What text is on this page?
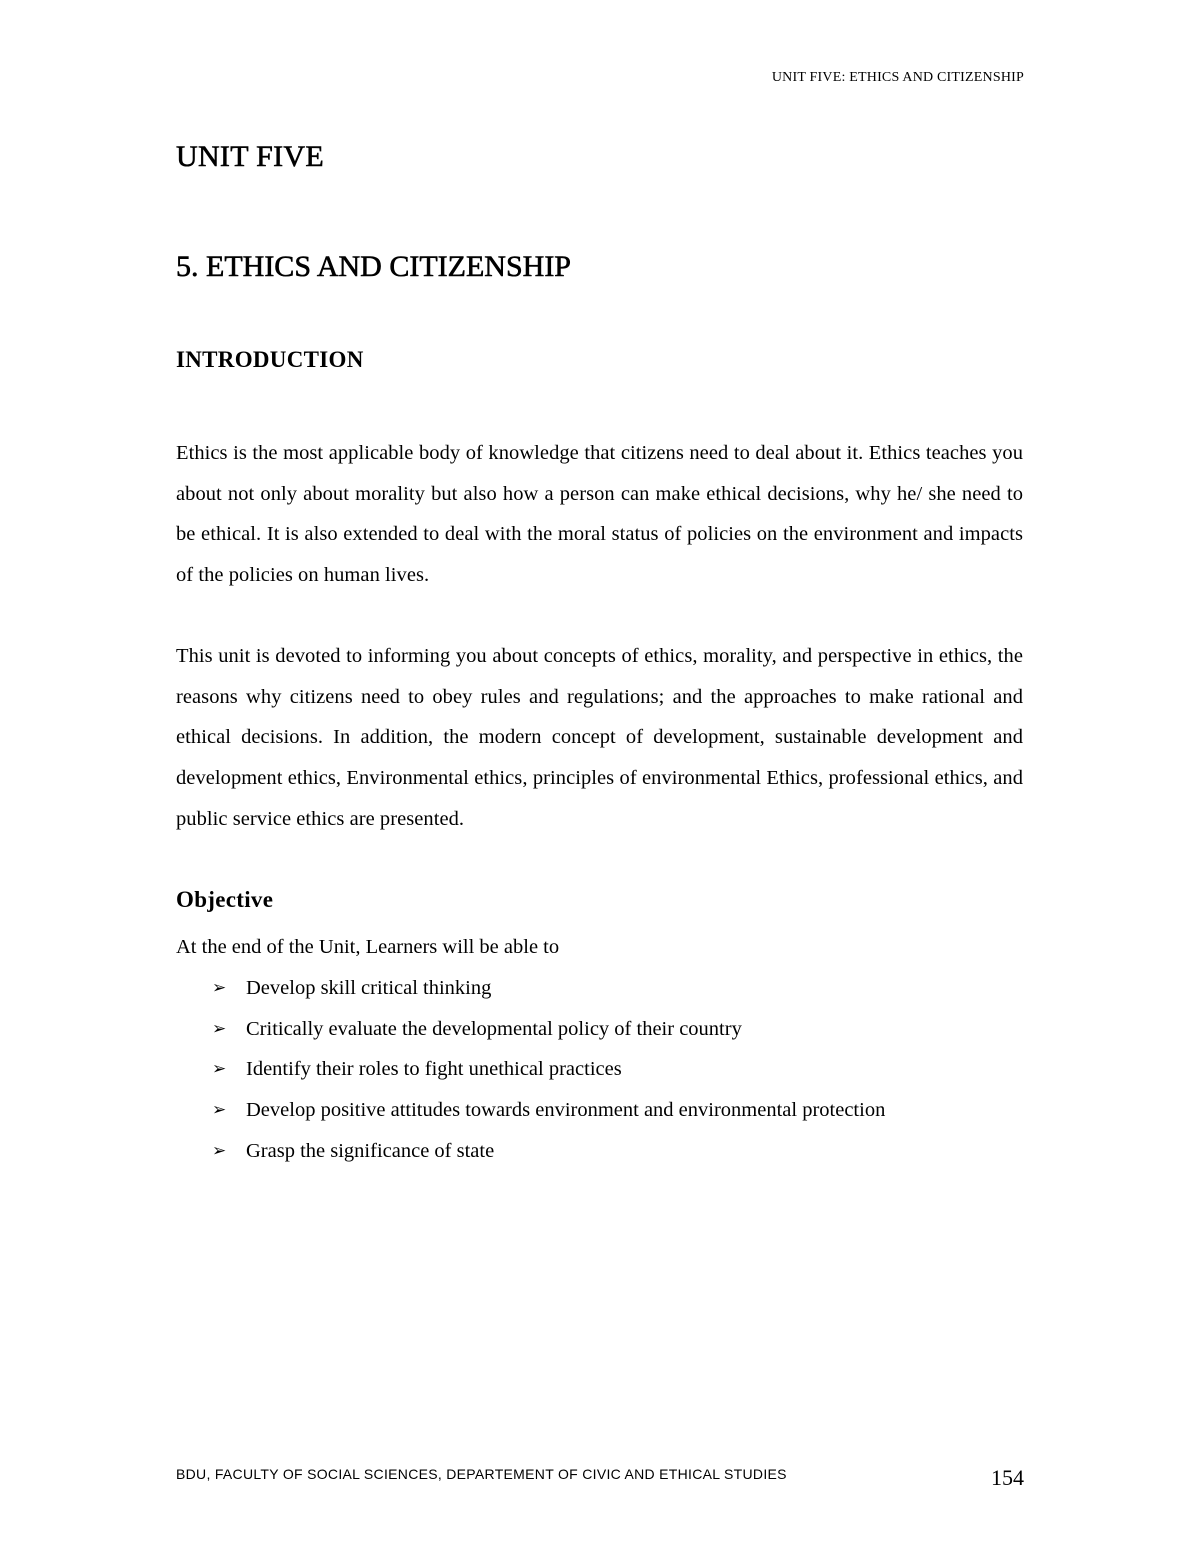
UNIT FIVE: ETHICS AND CITIZENSHIP
UNIT FIVE
5. ETHICS AND CITIZENSHIP
INTRODUCTION

Ethics is the most applicable body of knowledge that citizens need to deal about it. Ethics teaches you about not only about morality but also how a person can make ethical decisions, why he/ she need to be ethical. It is also extended to deal with the moral status of policies on the environment and impacts of the policies on human lives.

This unit is devoted to informing you about concepts of ethics, morality, and perspective in ethics, the reasons why citizens need to obey rules and regulations; and the approaches to make rational and ethical decisions. In addition, the modern concept of development, sustainable development and development ethics, Environmental ethics, principles of environmental Ethics, professional ethics, and public service ethics are presented.

Objective

At the end of the Unit, Learners will be able to

➢ Develop skill critical thinking
➢ Critically evaluate the developmental policy of their country
➢ Identify their roles to fight unethical practices
➢ Develop positive attitudes towards environment and environmental protection
➢ Grasp the significance of state
BDU, FACULTY OF SOCIAL SCIENCES, DEPARTEMENT OF CIVIC AND ETHICAL STUDIES	154
